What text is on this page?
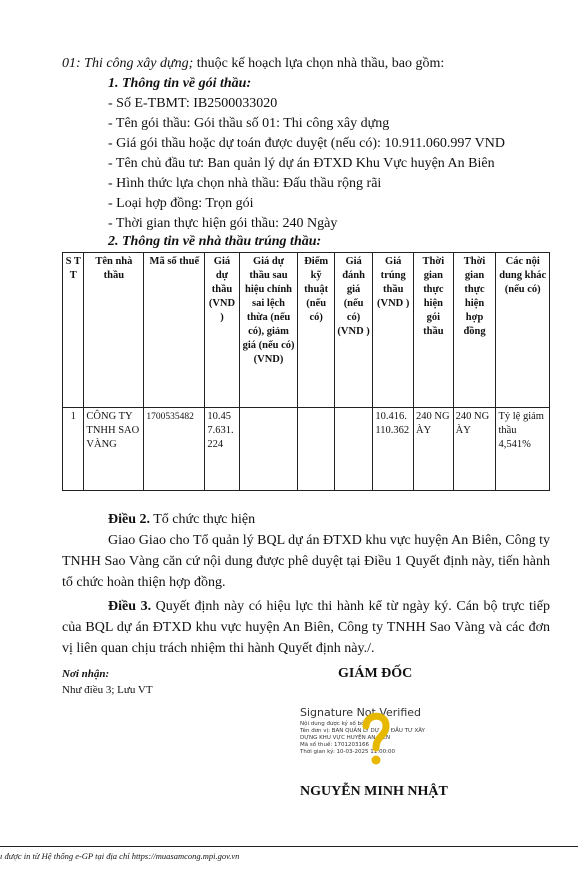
01: Thi công xây dựng; thuộc kế hoạch lựa chọn nhà thầu, bao gồm:
1. Thông tin về gói thầu:
- Số E-TBMT: IB2500033020
- Tên gói thầu: Gói thầu số 01: Thi công xây dựng
- Giá gói thầu hoặc dự toán được duyệt (nếu có): 10.911.060.997 VND
- Tên chủ đầu tư: Ban quản lý dự án ĐTXD Khu Vực huyện An Biên
- Hình thức lựa chọn nhà thầu: Đấu thầu rộng rãi
- Loại hợp đồng: Trọn gói
- Thời gian thực hiện gói thầu: 240 Ngày
2. Thông tin về nhà thầu trúng thầu:
S T T	Tên nhà thầu	Mã số thuế	Giá dự thầu (VND )	Giá dự thầu sau hiệu chỉnh sai lệch thừa (nếu có), giảm giá (nếu có) (VND)	Điểm kỹ thuật (nếu có)	Giá đánh giá (nếu có) (VND )	Giá trúng thầu (VND )	Thời gian thực hiện gói thầu	Thời gian thực hiện hợp đồng	Các nội dung khác (nếu có)
1	CÔNG TY TNHH SAO VÀNG	1700535482	10.457.631.224				10.416.110.362	240 NGÀY	240 NGÀY	Tỷ lệ giảm thầu 4,541%
Điều 2. Tổ chức thực hiện
Giao Giao cho Tổ quản lý BQL dự án ĐTXD khu vực huyện An Biên, Công ty TNHH Sao Vàng căn cứ nội dung được phê duyệt tại Điều 1 Quyết định này, tiến hành tổ chức hoàn thiện hợp đồng.
Điều 3. Quyết định này có hiệu lực thi hành kể từ ngày ký. Cán bộ trực tiếp của BQL dự án ĐTXD khu vực huyện An Biên, Công ty TNHH Sao Vàng và các đơn vị liên quan chịu trách nhiệm thi hành Quyết định này./.
Nơi nhận:
Như điều 3; Lưu VT
GIÁM ĐỐC
Signature Not Verified
Nội dung được ký số bởi:
Tên đơn vị: BAN QUẢN LÝ DỰ ÁN ĐẦU TƯ XÂY
DỰNG KHU VỰC HUYỆN AN BIÊN
Mã số thuế: 1701203166
Thời gian ký: 10-03-2025 11:00:00
NGUYỄN MINH NHẬT
ı được in từ Hệ thống e-GP tại địa chỉ https://muasamcong.mpi.gov.vn
